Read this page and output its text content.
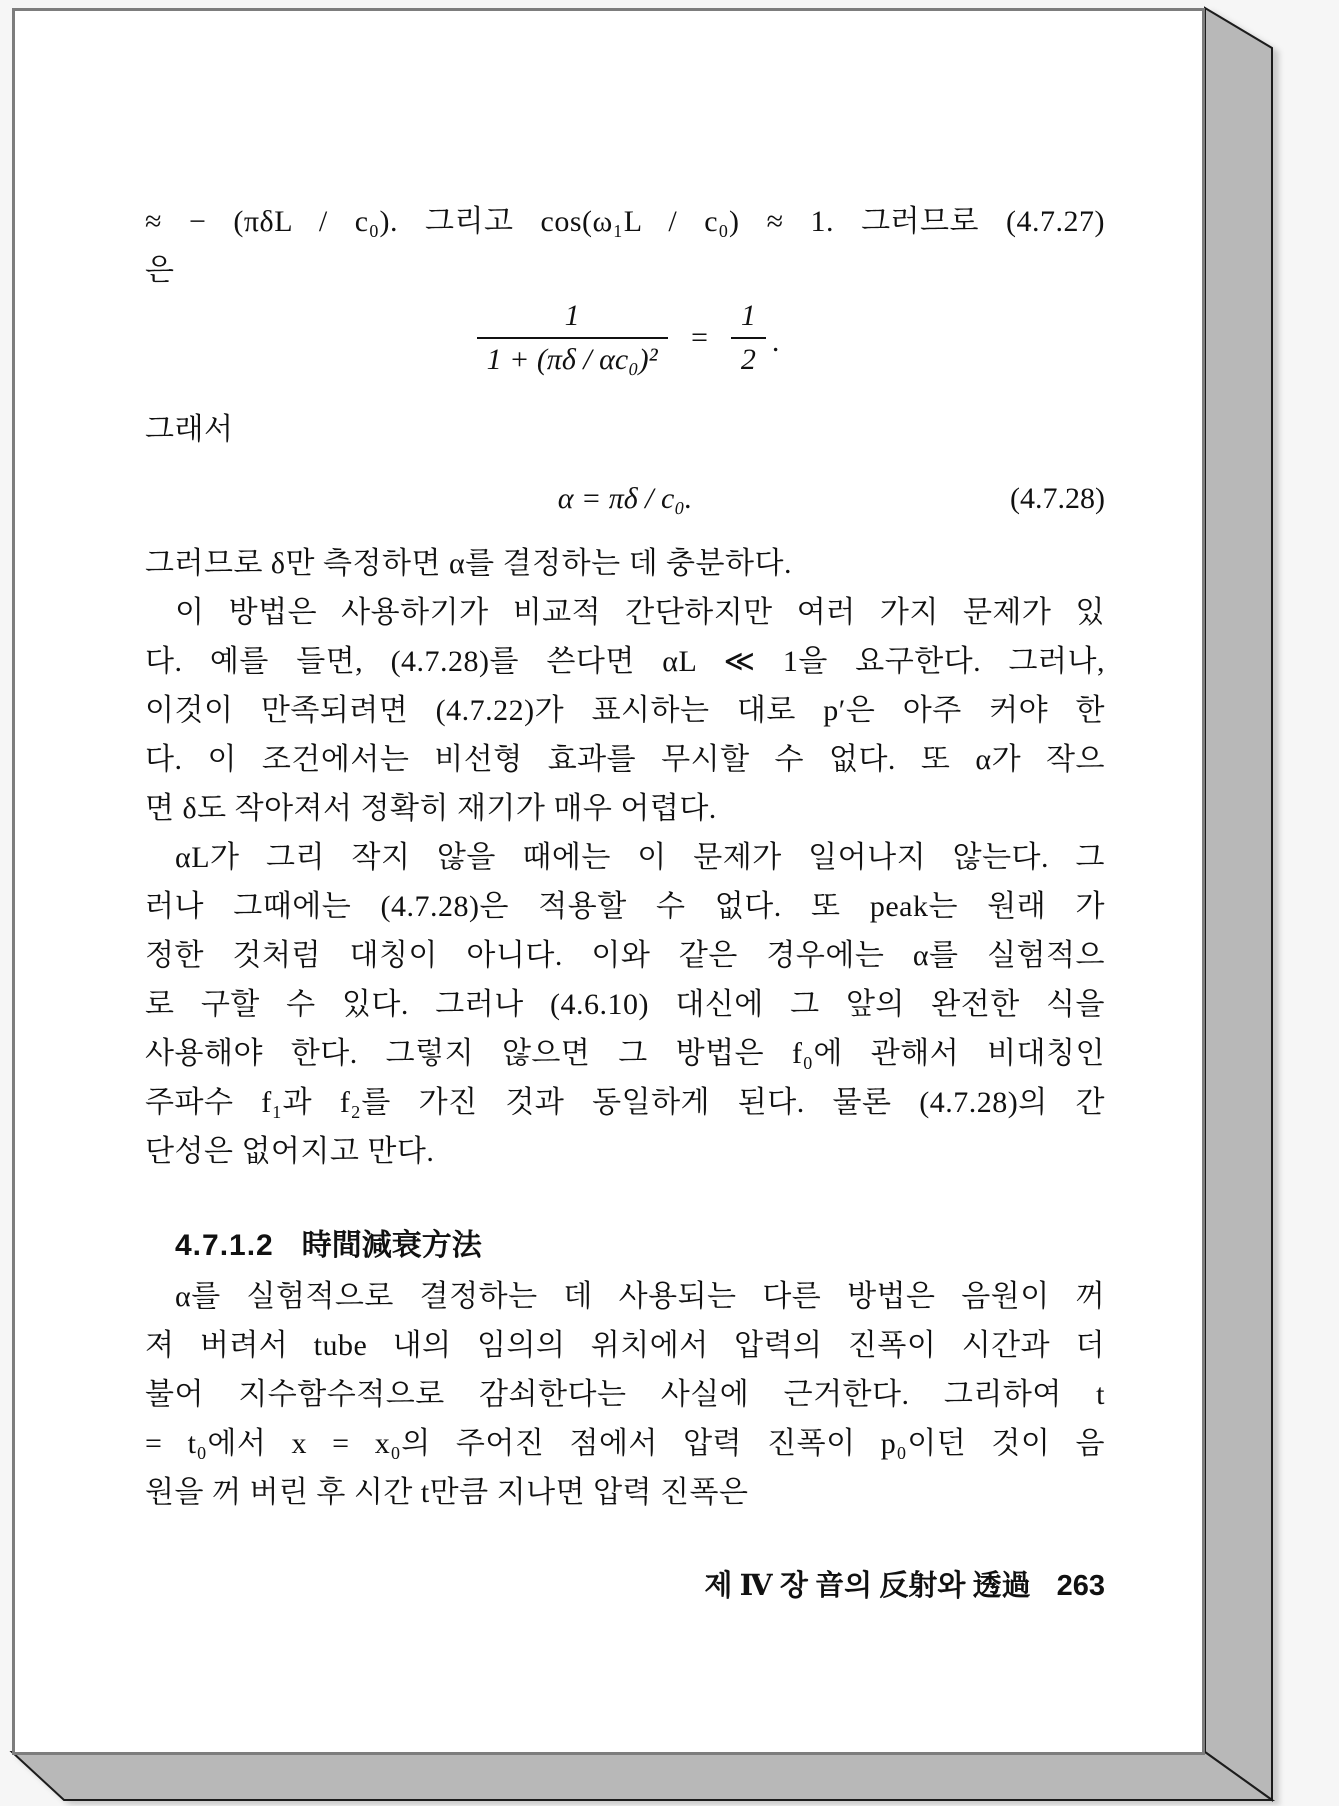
≈ − (πδL / c₀). 그리고 cos(ω₁L / c₀) ≈ 1. 그러므로 (4.7.27)
은
$\frac{1}{\text{1 + (πδ / αc₀)²}} = \frac{1}{2}$ .
그래서
α = πδ / c₀.	(4.7.28)
그러므로 δ만 측정하면 α를 결정하는 데 충분하다.
이 방법은 사용하기가 비교적 간단하지만 여러 가지 문제가 있
다. 예를 들면, (4.7.28)를 쓴다면 αL ≪ 1을 요구한다. 그러나,
이것이 만족되려면 (4.7.22)가 표시하는 대로 p′은 아주 커야 한
다. 이 조건에서는 비선형 효과를 무시할 수 없다. 또 α가 작으
면 δ도 작아져서 정확히 재기가 매우 어렵다.
αL가 그리 작지 않을 때에는 이 문제가 일어나지 않는다. 그
러나 그때에는 (4.7.28)은 적용할 수 없다. 또 peak는 원래 가
정한 것처럼 대칭이 아니다. 이와 같은 경우에는 α를 실험적으
로 구할 수 있다. 그러나 (4.6.10) 대신에 그 앞의 완전한 식을
사용해야 한다. 그렇지 않으면 그 방법은 f₀에 관해서 비대칭인
주파수 f₁과 f₂를 가진 것과 동일하게 된다. 물론 (4.7.28)의 간
단성은 없어지고 만다.
4.7.1.2 時間減衰方法
α를 실험적으로 결정하는 데 사용되는 다른 방법은 음원이 꺼
져 버려서 tube 내의 임의의 위치에서 압력의 진폭이 시간과 더
불어 지수함수적으로 감쇠한다는 사실에 근거한다. 그리하여 t
= t₀에서 x = x₀의 주어진 점에서 압력 진폭이 p₀이던 것이 음
원을 꺼 버린 후 시간 t만큼 지나면 압력 진폭은
제 Ⅳ 장 音의 反射와 透過 263
